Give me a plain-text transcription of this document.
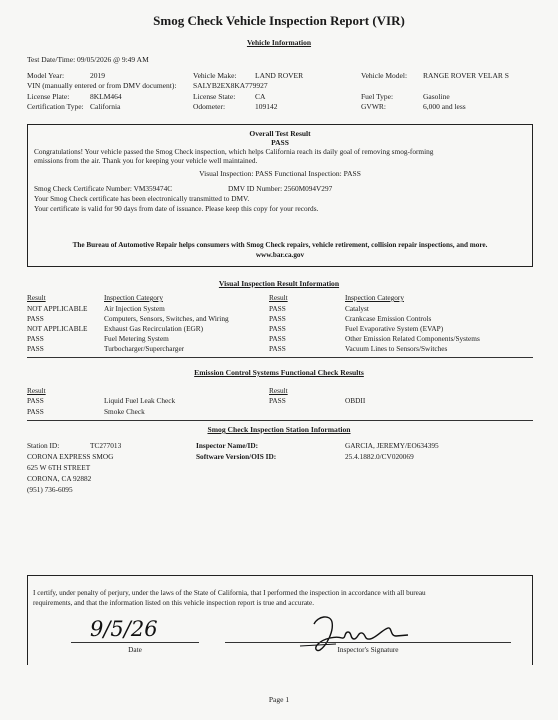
Smog Check Vehicle Inspection Report (VIR)
Vehicle Information
Test Date/Time: 09/05/2026 @ 9:49 AM
Model Year:	2019	Vehicle Make: LAND ROVER	Vehicle Model: RANGE ROVER VELAR S
VIN (manually entered or from DMV document): SALYB2EX8KA779927
License Plate:	8KLM464	License State:	CA	Fuel Type:	Gasoline
Certification Type: California	Odometer:	109142	GVWR:	6,000 and less
Overall Test Result
PASS
Congratulations! Your vehicle passed the Smog Check inspection, which helps California reach its daily goal of removing smog-forming
emissions from the air. Thank you for keeping your vehicle well maintained.
Visual Inspection: PASS Functional Inspection: PASS
Smog Check Certificate Number: VM359474C	DMV ID Number: 2560M094V297
Your Smog Check certificate has been electronically transmitted to DMV.
Your certificate is valid for 90 days from date of issuance. Please keep this copy for your records.
The Bureau of Automotive Repair helps consumers with Smog Check repairs, vehicle retirement, collision repair inspections, and more.
www.bar.ca.gov
Visual Inspection Result Information
Result	Inspection Category	Result	Inspection Category
NOT APPLICABLE Air Injection System	PASS	Catalyst
PASS	Computers, Sensors, Switches, and Wiring	PASS	Crankcase Emission Controls
NOT APPLICABLE Exhaust Gas Recirculation (EGR)	PASS	Fuel Evaporative System (EVAP)
PASS	Fuel Metering System	PASS	Other Emission Related Components/Systems
PASS	Turbocharger/Supercharger	PASS	Vacuum Lines to Sensors/Switches
Emission Control Systems Functional Check Results
Result	Result
PASS	Liquid Fuel Leak Check	PASS	OBDII
PASS	Smoke Check
Smog Check Inspection Station Information
Station ID:	TC277013
CORONA EXPRESS SMOG
625 W 6TH STREET
CORONA, CA 92882
(951) 736-6095
Inspector Name/ID:	GARCIA, JEREMY/EO634395
Software Version/OIS ID:	25.4.1882.0/CV020069
I certify, under penalty of perjury, under the laws of the State of California, that I performed the inspection in accordance with all bureau
requirements, and that the information listed on this vehicle inspection report is true and accurate.
9/5/26
Date	Inspector's Signature
Page 1
